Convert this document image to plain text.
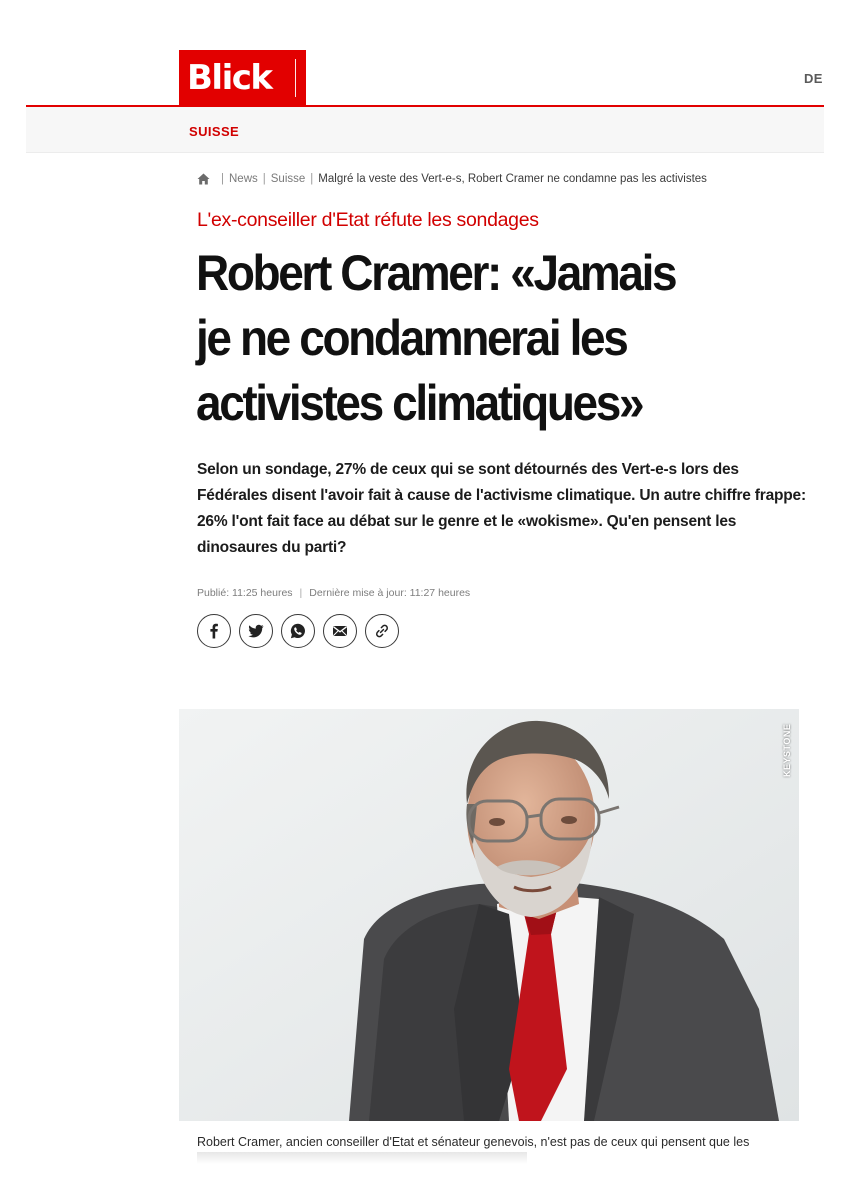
Blick	DE
SUISSE
| News | Suisse | Malgré la veste des Vert-e-s, Robert Cramer ne condamne pas les activistes
L'ex-conseiller d'Etat réfute les sondages
Robert Cramer: «Jamais
je ne condamnerai les
activistes climatiques»

Selon un sondage, 27% de ceux qui se sont détournés des Vert-e-s lors des Fédérales disent l'avoir fait à cause de l'activisme climatique. Un autre chiffre frappe: 26% l'ont fait face au débat sur le genre et le «wokisme». Qu'en pensent les dinosaures du parti?

Publié: 11:25 heures | Dernière mise à jour: 11:27 heures
KEYSTONE

Robert Cramer, ancien conseiller d'Etat et sénateur genevois, n'est pas de ceux qui pensent que les
